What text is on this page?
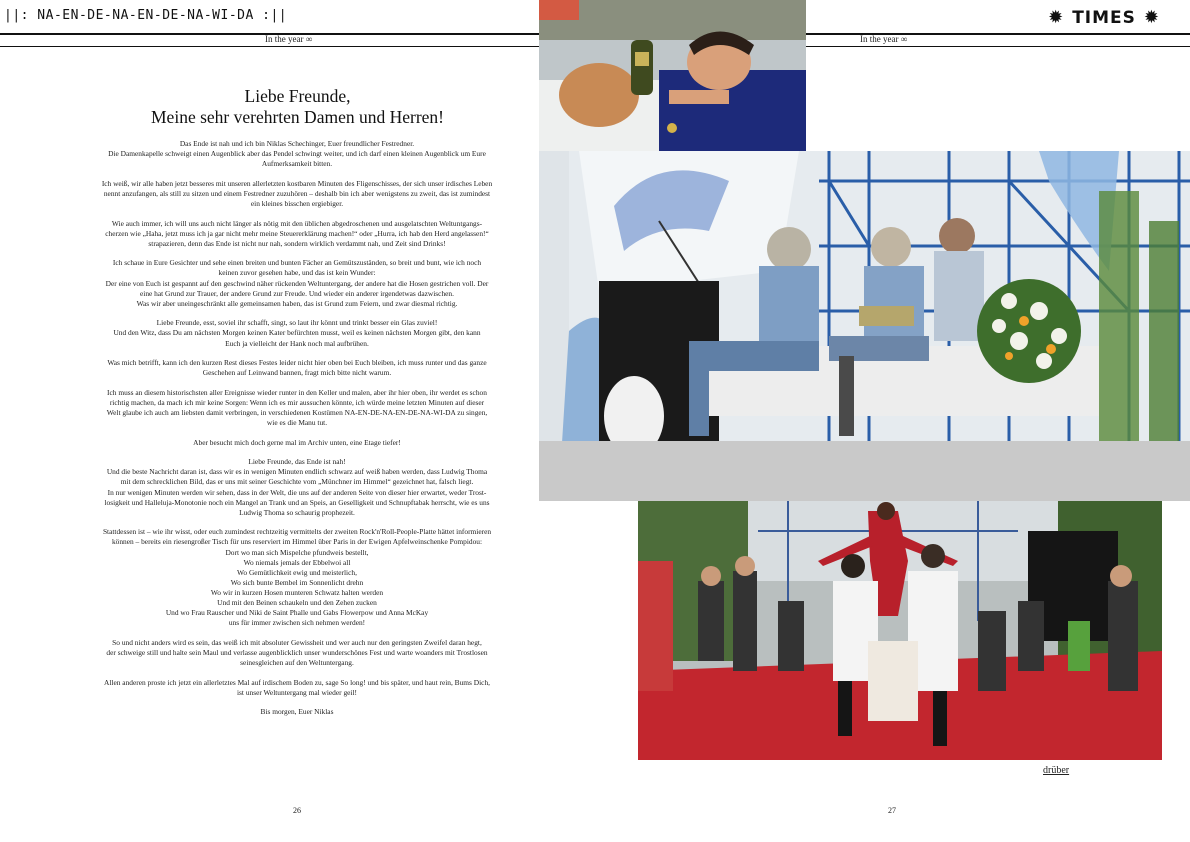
||: NA-EN-DE-NA-EN-DE-NA-WI-DA :||
In the year ∞
Liebe Freunde,
Meine sehr verehrten Damen und Herren!

Das Ende ist nah und ich bin Niklas Schechinger, Euer freundlicher Festredner.
Die Damenkapelle schweigt einen Augenblick aber das Pendel schwingt weiter, und ich darf einen kleinen Augenblick um Eure
Aufmerksamkeit bitten.

Ich weiß, wir alle haben jetzt besseres mit unseren allerletzten kostbaren Minuten des Fligenschisses, der sich unser irdisches Leben
nennt anzufangen, als still zu sitzen und einem Festredner zuzuhören – deshalb bin ich aber wenigstens zu zweit, das ist zumindest
ein kleines bisschen ergiebiger.

Wie auch immer, ich will uns auch nicht länger als nötig mit den üblichen abgedroschenen und ausgelatschten Weltuntgangs-
cherzen wie „Haha, jetzt muss ich ja gar nicht mehr meine Steuererklärung machen!“ oder „Hurra, ich hab den Herd angelassen!“
strapazieren, denn das Ende ist nicht nur nah, sondern wirklich verdammt nah, und Zeit sind Drinks!

Ich schaue in Eure Gesichter und sehe einen breiten und bunten Fächer an Gemütszuständen, so breit und bunt, wie ich noch
keinen zuvor gesehen habe, und das ist kein Wunder:
Der eine von Euch ist gespannt auf den geschwind näher rückenden Weltuntergang, der andere hat die Hosen gestrichen voll. Der
eine hat Grund zur Trauer, der andere Grund zur Freude. Und wieder ein anderer irgendetwas dazwischen.
Was wir aber uneingeschränkt alle gemeinsamen haben, das ist Grund zum Feiern, und zwar diesmal richtig.

Liebe Freunde, esst, soviel ihr schafft, singt, so laut ihr könnt und trinkt besser ein Glas zuviel!
Und den Witz, dass Du am nächsten Morgen keinen Kater befürchten musst, weil es keinen nächsten Morgen gibt, den kann
Euch ja vielleicht der Hank noch mal aufbrühen.

Was mich betrifft, kann ich den kurzen Rest dieses Festes leider nicht hier oben bei Euch bleiben, ich muss runter und das ganze
Geschehen auf Leinwand bannen, fragt mich bitte nicht warum.

Ich muss an diesem historischsten aller Ereignisse wieder runter in den Keller und malen, aber ihr hier oben, ihr werdet es schon
richtig machen, da mach ich mir keine Sorgen: Wenn ich es mir aussuchen könnte, ich würde meine letzten Minuten auf dieser
Welt glaube ich auch am liebsten damit verbringen, in verschiedenen Kostümen NA-EN-DE-NA-EN-DE-NA-WI-DA zu singen,
wie es die Manu tut.

Aber besucht mich doch gerne mal im Archiv unten, eine Etage tiefer!

Liebe Freunde, das Ende ist nah!
Und die beste Nachricht daran ist, dass wir es in wenigen Minuten endlich schwarz auf weiß haben werden, dass Ludwig Thoma
mit dem schrecklichen Bild, das er uns mit seiner Geschichte vom „Münchner im Himmel“ gezeichnet hat, falsch liegt.
In nur wenigen Minuten werden wir sehen, dass in der Welt, die uns auf der anderen Seite von dieser hier erwartet, weder Trost-
losigkeit und Halleluja-Monotonie noch ein Mangel an Trank und an Speis, an Geselligkeit und Schnupftabak herrscht, wie es uns
Ludwig Thoma so schaurig prophezeit.

Stattdessen ist – wie ihr wisst, oder euch zumindest rechtzeitig vermittelts der zweiten Rock'n'Roll-People-Platte hättet informieren
können – bereits ein riesengroßer Tisch für uns reserviert im Himmel über Paris in der Ewigen Apfelweinschenke Pompidou:
Dort wo man sich Mispelche pfundweis bestellt,
Wo niemals jemals der Ebbelwoi all
Wo Gemütlichkeit ewig und meisterlich,
Wo sich bunte Bembel im Sonnenlicht drehn
Wo wir in kurzen Hosen munteren Schwatz halten werden
Und mit den Beinen schaukeln und den Zehen zucken
Und wo Frau Rauscher und Niki de Saint Phalle und Gabs Flowerpow und Anna McKay
uns für immer zwischen sich nehmen werden!

So und nicht anders wird es sein, das weiß ich mit absoluter Gewissheit und wer auch nur den geringsten Zweifel daran hegt,
der schweige still und halte sein Maul und verlasse augenblicklich unser wunderschönes Fest und warte woanders mit Trostlosen
seinesgleichen auf den Weltuntergang.

Allen anderen proste ich jetzt ein allerletztes Mal auf irdischem Boden zu, sage So long! und bis später, und haut rein, Bums Dich,
ist unser Weltuntergang mal wieder geil!

Bis morgen, Euer Niklas

26
In the year ∞
✹ TIMES ✹
27
drüber
